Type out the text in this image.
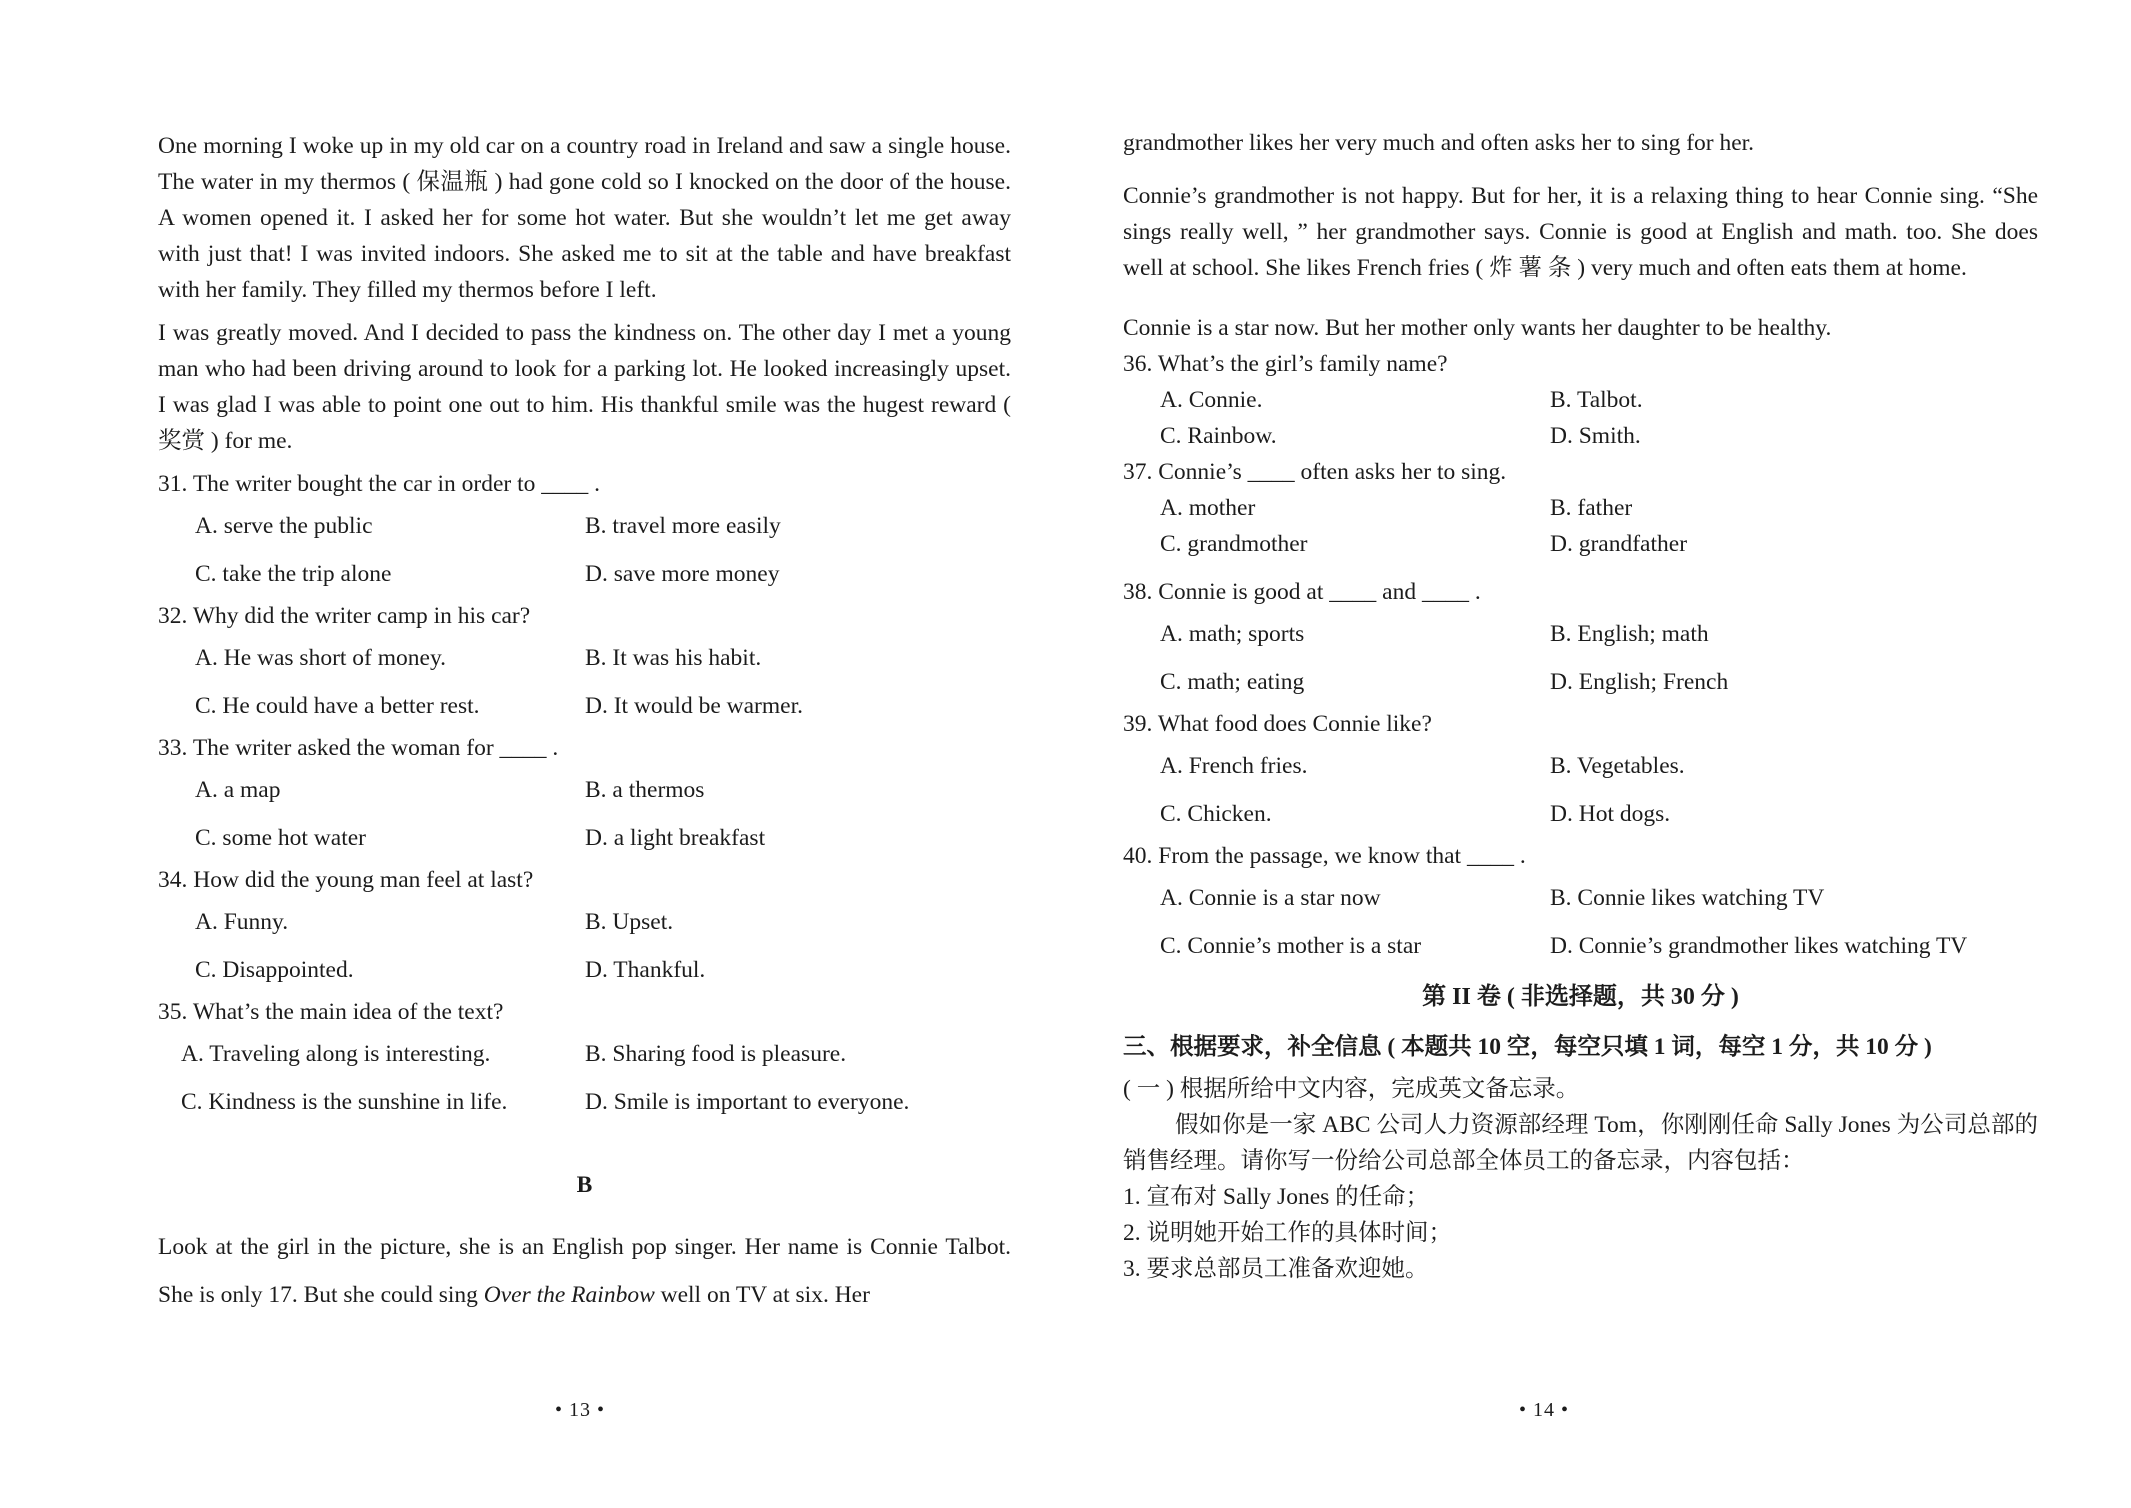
One morning I woke up in my old car on a country road in Ireland and saw a single house. The water in my thermos ( 保温瓶 ) had gone cold so I knocked on the door of the house. A women opened it. I asked her for some hot water. But she wouldn’t let me get away with just that! I was invited indoors. She asked me to sit at the table and have breakfast with her family. They filled my thermos before I left.

I was greatly moved. And I decided to pass the kindness on. The other day I met a young man who had been driving around to look for a parking lot. He looked increasingly upset. I was glad I was able to point one out to him. His thankful smile was the hugest reward ( 奖赏 ) for me.

31. The writer bought the car in order to ____ .

A. serve the public	B. travel more easily
C. take the trip alone	D. save more money

32. Why did the writer camp in his car?

A. He was short of money.	B. It was his habit.
C. He could have a better rest.	D. It would be warmer.

33. The writer asked the woman for ____ .

A. a map	B. a thermos
C. some hot water	D. a light breakfast

34. How did the young man feel at last?

A. Funny.	B. Upset.
C. Disappointed.	D. Thankful.

35. What’s the main idea of the text?

A. Traveling along is interesting.	B. Sharing food is pleasure.
C. Kindness is the sunshine in life.	D. Smile is important to everyone.
B

Look at the girl in the picture, she is an English pop singer. Her name is Connie Talbot. She is only 17. But she could sing Over the Rainbow well on TV at six. Her

• 13 •

grandmother likes her very much and often asks her to sing for her.

Connie’s grandmother is not happy. But for her, it is a relaxing thing to hear Connie sing. “She sings really well, ” her grandmother says. Connie is good at English and math. too. She does well at school. She likes French fries ( 炸 薯 条 ) very much and often eats them at home.

Connie is a star now. But her mother only wants her daughter to be healthy.

36. What’s the girl’s family name?

A. Connie.	B. Talbot.
C. Rainbow.	D. Smith.

37. Connie’s ____ often asks her to sing.

A. mother	B. father
C. grandmother	D. grandfather

38. Connie is good at ____ and ____ .

A. math; sports	B. English; math
C. math; eating	D. English; French

39. What food does Connie like?

A. French fries.	B. Vegetables.
C. Chicken.	D. Hot dogs.

40. From the passage, we know that ____ .

A. Connie is a star now	B. Connie likes watching TV
C. Connie’s mother is a star	D. Connie’s grandmother likes watching TV
第 II 卷 ( 非选择题，共 30 分 )
三、根据要求，补全信息 ( 本题共 10 空，每空只填 1 词，每空 1 分，共 10 分 )

( 一 ) 根据所给中文内容，完成英文备忘录。

假如你是一家 ABC 公司人力资源部经理 Tom，你刚刚任命 Sally Jones 为公司总部的销售经理。请你写一份给公司总部全体员工的备忘录，内容包括：

1. 宣布对 Sally Jones 的任命；

2. 说明她开始工作的具体时间；

3. 要求总部员工准备欢迎她。

• 14 •
